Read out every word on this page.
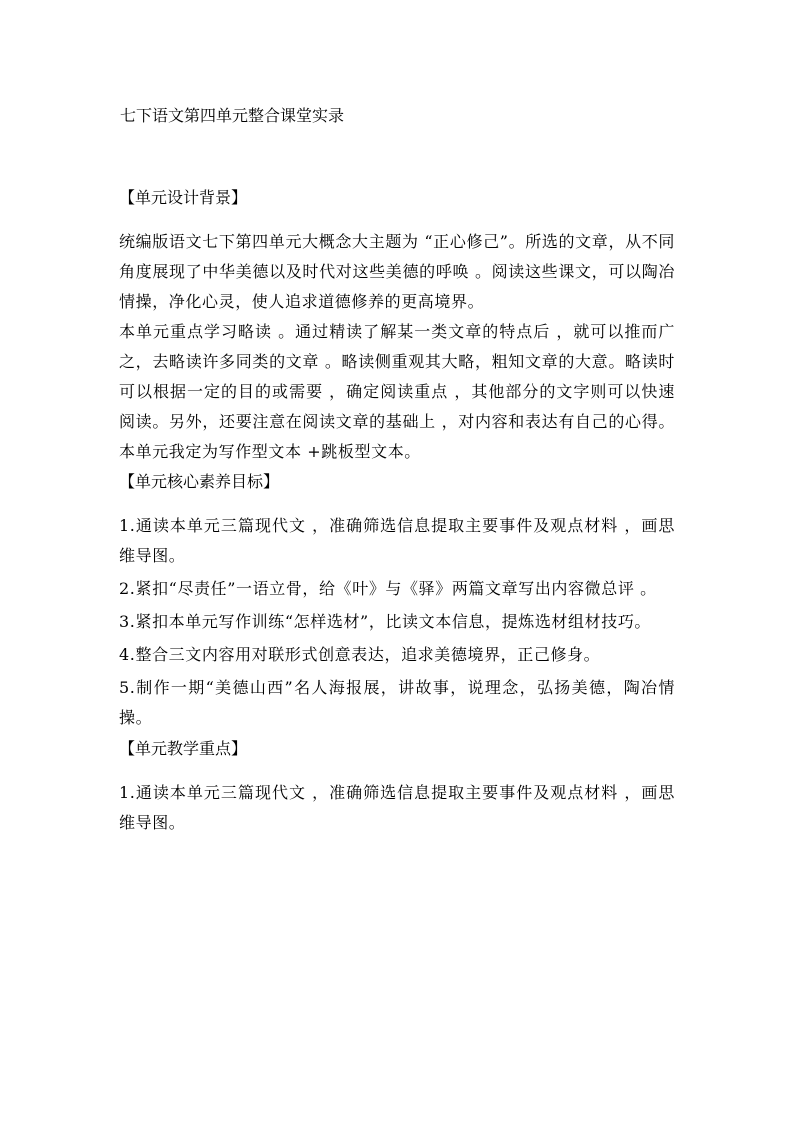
七下语文第四单元整合课堂实录
【单元设计背景】

统编版语文七下第四单元大概念大主题为 “正心修己”。所选的文章，从不同角度展现了中华美德以及时代对这些美德的呼唤 。阅读这些课文，可以陶冶情操，净化心灵，使人追求道德修养的更高境界。

本单元重点学习略读 。通过精读了解某一类文章的特点后 ，就可以推而广之，去略读许多同类的文章 。略读侧重观其大略，粗知文章的大意。略读时可以根据一定的目的或需要 ，确定阅读重点 ，其他部分的文字则可以快速阅读。另外，还要注意在阅读文章的基础上 ，对内容和表达有自己的心得。本单元我定为写作型文本 +跳板型文本。

【单元核心素养目标】

1.通读本单元三篇现代文 ，准确筛选信息提取主要事件及观点材料 ，画思维导图。

2.紧扣“尽责任”一语立骨，给《叶》与《驿》两篇文章写出内容微总评 。

3.紧扣本单元写作训练“怎样选材”，比读文本信息，提炼选材组材技巧。

4.整合三文内容用对联形式创意表达，追求美德境界，正己修身。

5.制作一期“美德山西”名人海报展，讲故事，说理念，弘扬美德，陶冶情操。

【单元教学重点】

1.通读本单元三篇现代文 ，准确筛选信息提取主要事件及观点材料 ，画思维导图。
